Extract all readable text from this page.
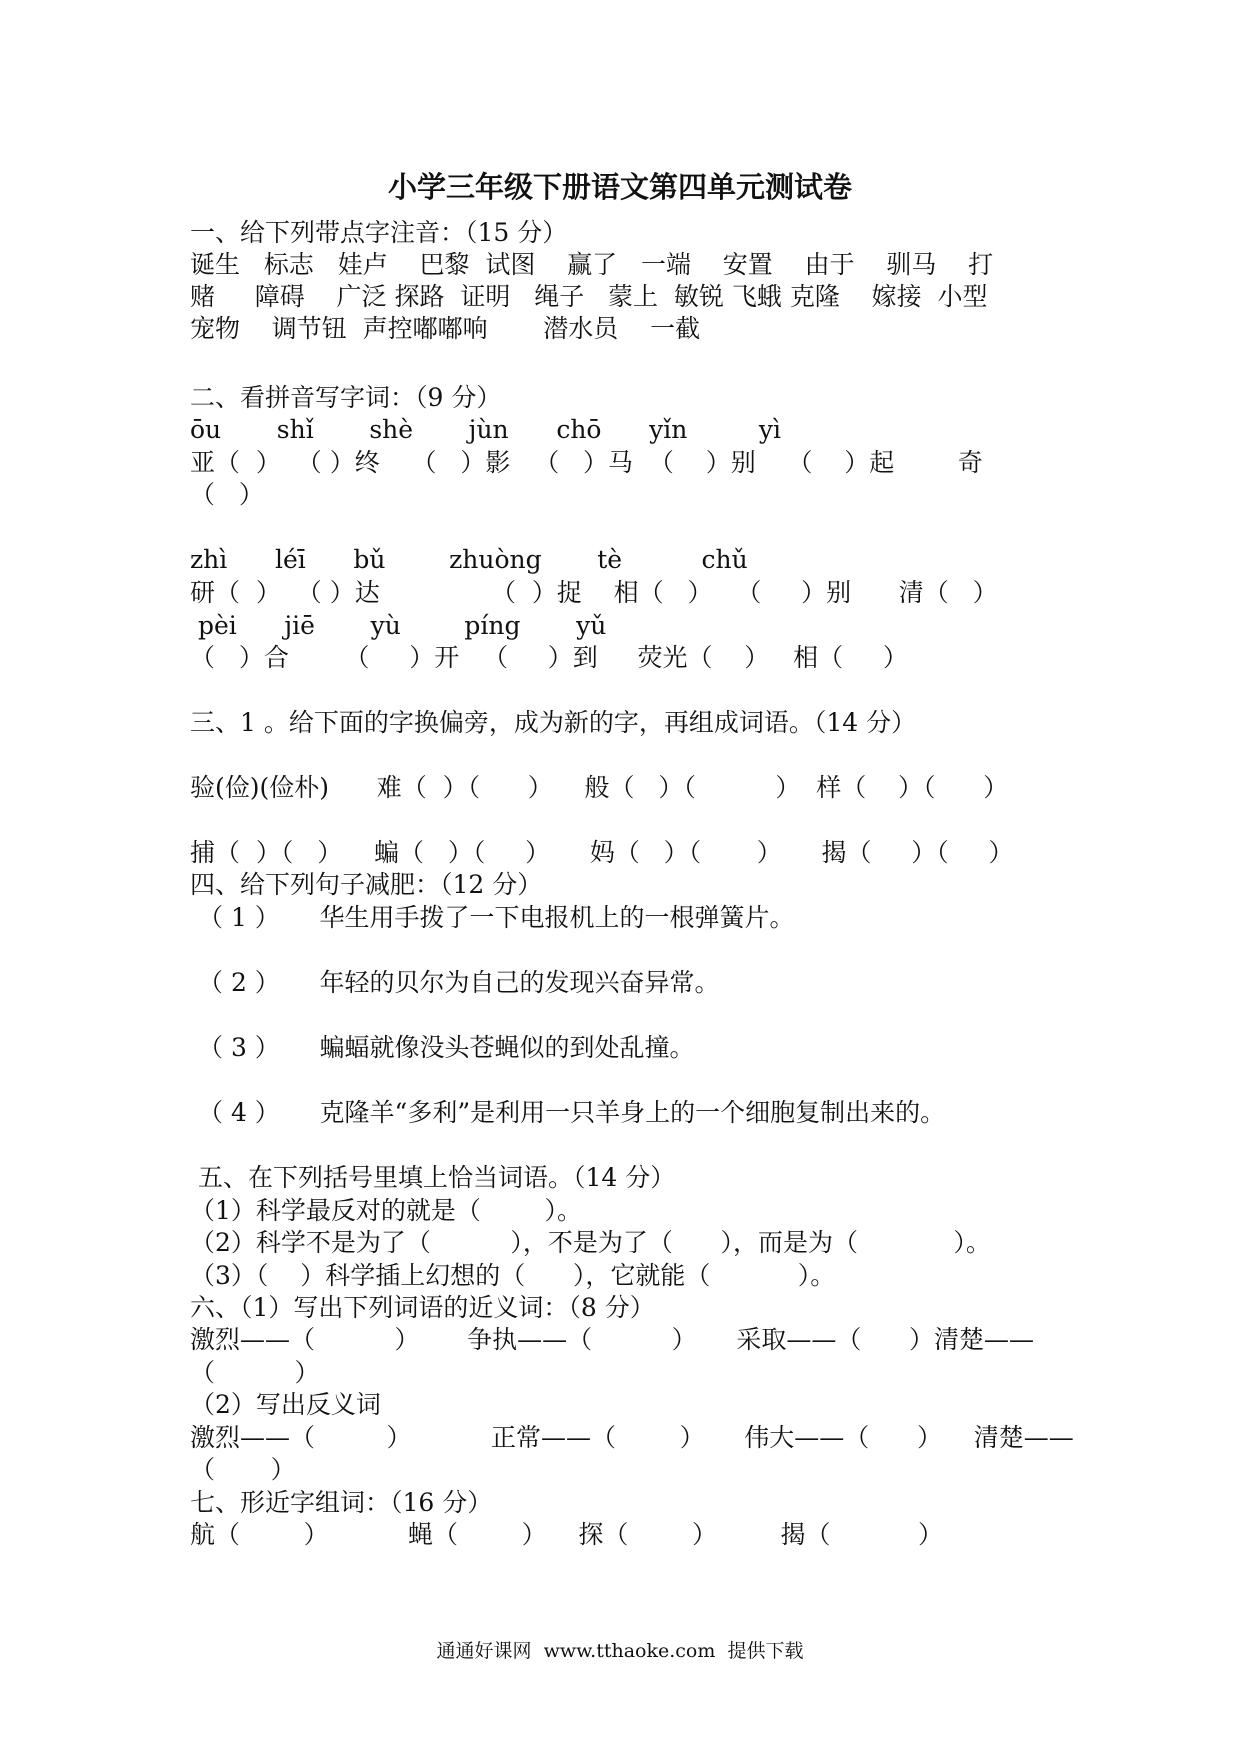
小学三年级下册语文第四单元测试卷
一、给下列带点字注音：（15 分）
诞生   标志   娃卢    巴黎  试图    赢了   一端    安置    由于    驯马    打
赌     障碍    广泛 探路  证明   绳子   蒙上  敏锐 飞蛾 克隆    嫁接  小型
宠物    调节钮  声控嘟嘟响       潜水员    一截
二、看拼音写字词：（9 分）
ōu       shǐ       shè       jùn      chō      yǐn         yì
亚（  ）  （ ）终    （   ）影   （   ）马  （    ）别    （    ）起        奇
（   ）
zhì      léī      bǔ        zhuòng       tè          chǔ
研（  ）  （ ）达              （  ）捉    相（   ）   （     ）别      清（   ）
pèi      jiē       yù        píng       yǔ
（   ）合       （     ）开   （     ）到     荧光（    ）   相（     ）
三、1 。给下面的字换偏旁，成为新的字，再组成词语。（14 分）
验(俭)(俭朴)      难（  ）（      ）    般（   ）（          ）  样（    ）（      ）
捕（  ）（   ）    蝙（   ）（     ）     妈（   ）（       ）     揭（     ）（     ）
四、给下列句子减肥：（12 分）
（ 1 ）     华生用手拨了一下电报机上的一根弹簧片。
（ 2 ）     年轻的贝尔为自己的发现兴奋异常。
（ 3 ）     蝙蝠就像没头苍蝇似的到处乱撞。
（ 4 ）     克隆羊“多利”是利用一只羊身上的一个细胞复制出来的。
五、在下列括号里填上恰当词语。（14 分）
（1）科学最反对的就是（        ）。
（2）科学不是为了（          ），不是为了（      ），而是为（            ）。
（3）（    ）科学插上幻想的（      ），它就能（           ）。
六、（1）写出下列词语的近义词：（8 分）
激烈——（          ）      争执——（          ）     采取——（      ）清楚——
（          ）
（2）写出反义词
激烈——（         ）          正常——（        ）     伟大——（      ）    清楚——
（       ）
七、形近字组词：（16 分）
航（        ）          蝇（        ）    探（        ）        揭（           ）
通通好课网  www.tthaoke.com  提供下载
